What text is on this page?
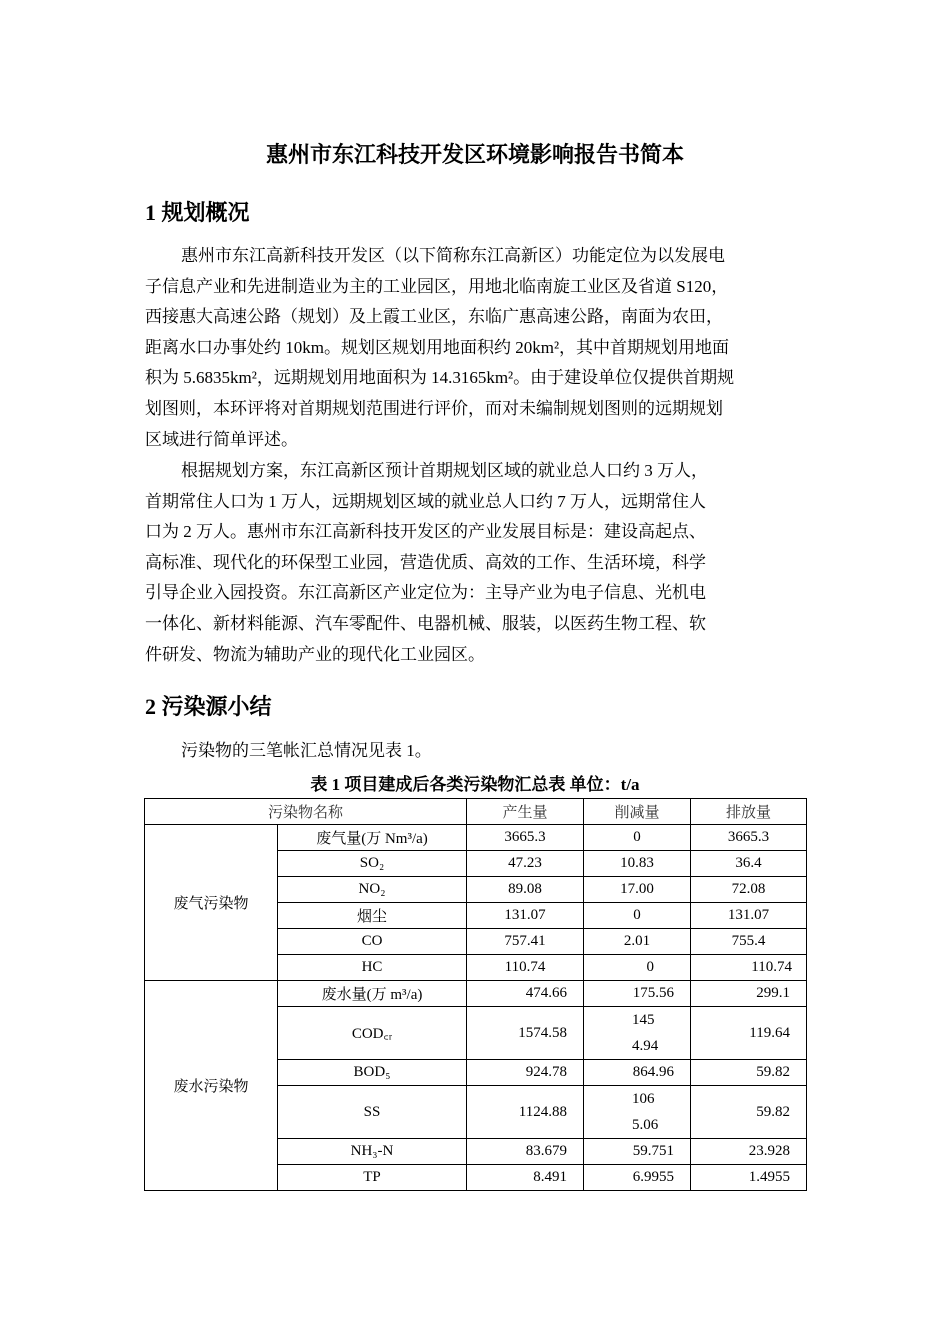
惠州市东江科技开发区环境影响报告书简本
1 规划概况
惠州市东江高新科技开发区（以下简称东江高新区）功能定位为以发展电
子信息产业和先进制造业为主的工业园区，用地北临南旋工业区及省道 S120，
西接惠大高速公路（规划）及上霞工业区，东临广惠高速公路，南面为农田，
距离水口办事处约 10km。规划区规划用地面积约 20km²，其中首期规划用地面
积为 5.6835km²，远期规划用地面积为 14.3165km²。由于建设单位仅提供首期规
划图则，本环评将对首期规划范围进行评价，而对未编制规划图则的远期规划
区域进行简单评述。
根据规划方案，东江高新区预计首期规划区域的就业总人口约 3 万人，
首期常住人口为 1 万人，远期规划区域的就业总人口约 7 万人，远期常住人
口为 2 万人。惠州市东江高新科技开发区的产业发展目标是：建设高起点、
高标准、现代化的环保型工业园，营造优质、高效的工作、生活环境，科学
引导企业入园投资。东江高新区产业定位为：主导产业为电子信息、光机电
一体化、新材料能源、汽车零配件、电器机械、服装，以医药生物工程、软
件研发、物流为辅助产业的现代化工业园区。
2 污染源小结
污染物的三笔帐汇总情况见表 1。
表 1 项目建成后各类污染物汇总表 单位：t/a
污染物名称		产生量	削减量	排放量
废气污染物	废气量(万 Nm³/a)	3665.3	0	3665.3
	SO₂	47.23	10.83	36.4
	NO₂	89.08	17.00	72.08
	烟尘	131.07	0	131.07
	CO	757.41	2.01	755.4
	HC	110.74	0	110.74
废水污染物	废水量(万 m³/a)	474.66	175.56	299.1
	COD꜀ᵣ	1574.58	1454.94	119.64
	BOD₅	924.78	864.96	59.82
	SS	1124.88	1065.06	59.82
	NH₃-N	83.679	59.751	23.928
	TP	8.491	6.9955	1.4955
